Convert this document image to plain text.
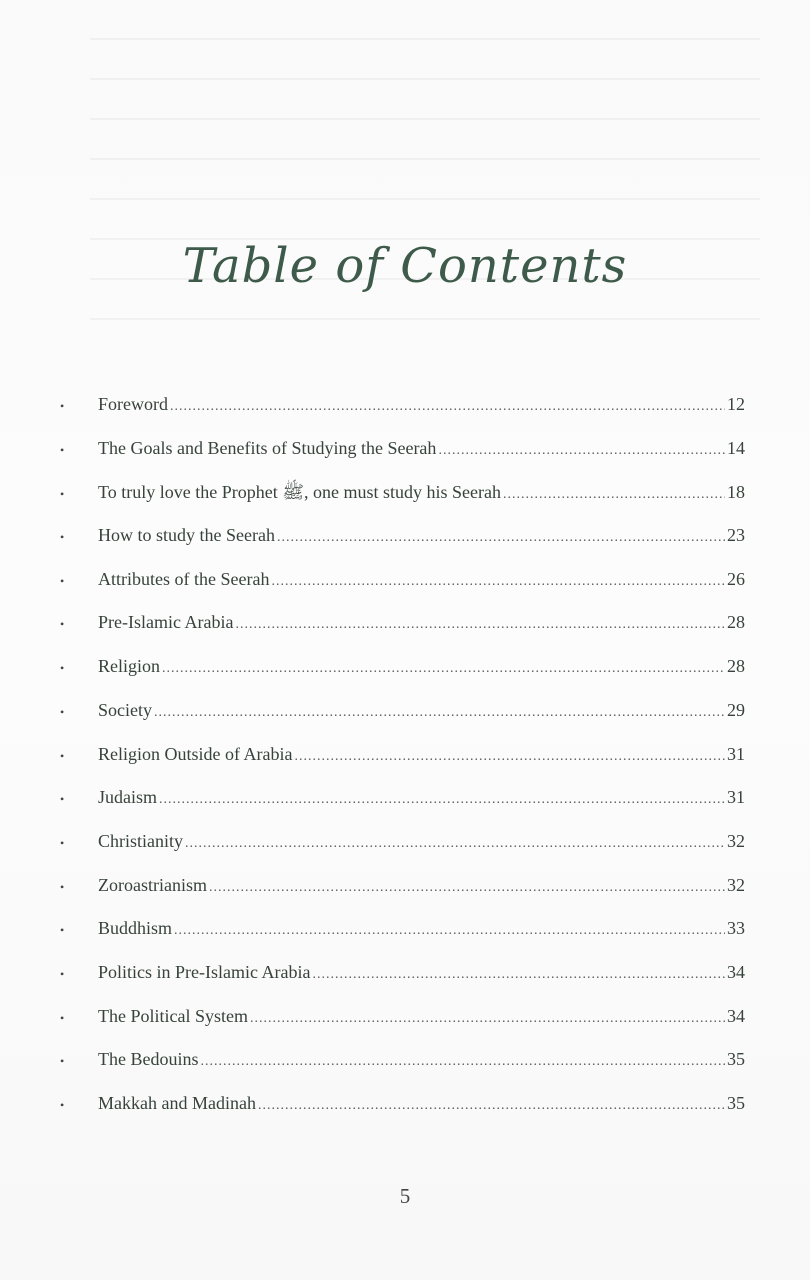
Table of Contents
•	Foreword .....	12
•	The Goals and Benefits of Studying the Seerah .....	14
•	To truly love the Prophet ﷺ, one must study his Seerah .....	18
•	How to study the Seerah .....	23
•	Attributes of the Seerah .....	26
•	Pre-Islamic Arabia .....	28
•	Religion .....	28
•	Society .....	29
•	Religion Outside of Arabia .....	31
•	Judaism .....	31
•	Christianity .....	32
•	Zoroastrianism .....	32
•	Buddhism .....	33
•	Politics in Pre-Islamic Arabia .....	34
•	The Political System .....	34
•	The Bedouins .....	35
•	Makkah and Madinah .....	35
5
